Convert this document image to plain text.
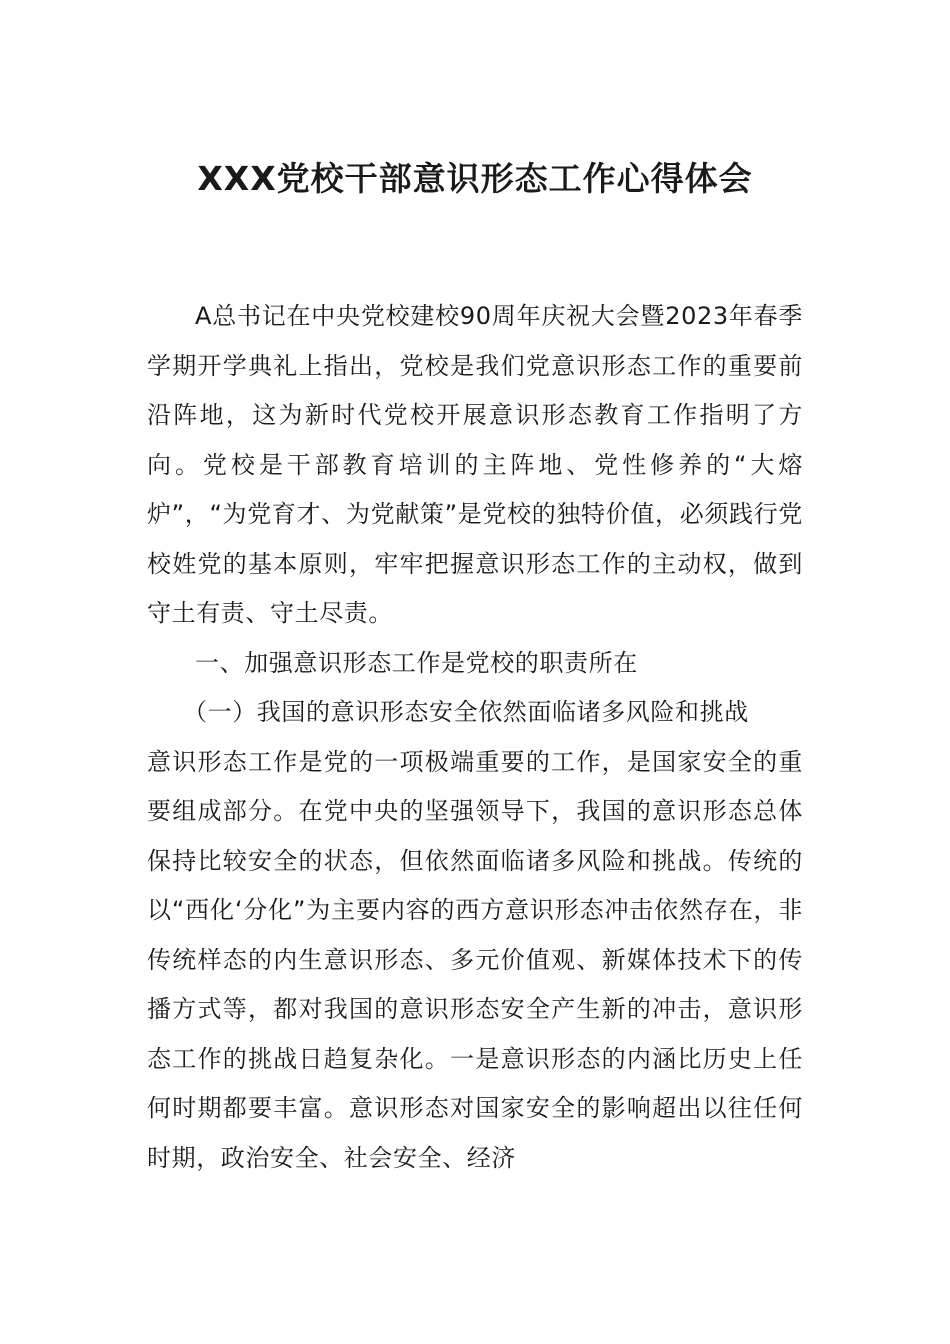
XXX党校干部意识形态工作心得体会

A总书记在中央党校建校90周年庆祝大会暨2023年春季学期开学典礼上指出，党校是我们党意识形态工作的重要前沿阵地，这为新时代党校开展意识形态教育工作指明了方向。党校是干部教育培训的主阵地、党性修养的“大熔炉”，“为党育才、为党献策”是党校的独特价值，必须践行党校姓党的基本原则，牢牢把握意识形态工作的主动权，做到守土有责、守土尽责。

一、加强意识形态工作是党校的职责所在

（一）我国的意识形态安全依然面临诸多风险和挑战

意识形态工作是党的一项极端重要的工作，是国家安全的重要组成部分。在党中央的坚强领导下，我国的意识形态总体保持比较安全的状态，但依然面临诸多风险和挑战。传统的以“西化‘分化”为主要内容的西方意识形态冲击依然存在，非传统样态的内生意识形态、多元价值观、新媒体技术下的传播方式等，都对我国的意识形态安全产生新的冲击，意识形态工作的挑战日趋复杂化。一是意识形态的内涵比历史上任何时期都要丰富。意识形态对国家安全的影响超出以往任何时期，政治安全、社会安全、经济
